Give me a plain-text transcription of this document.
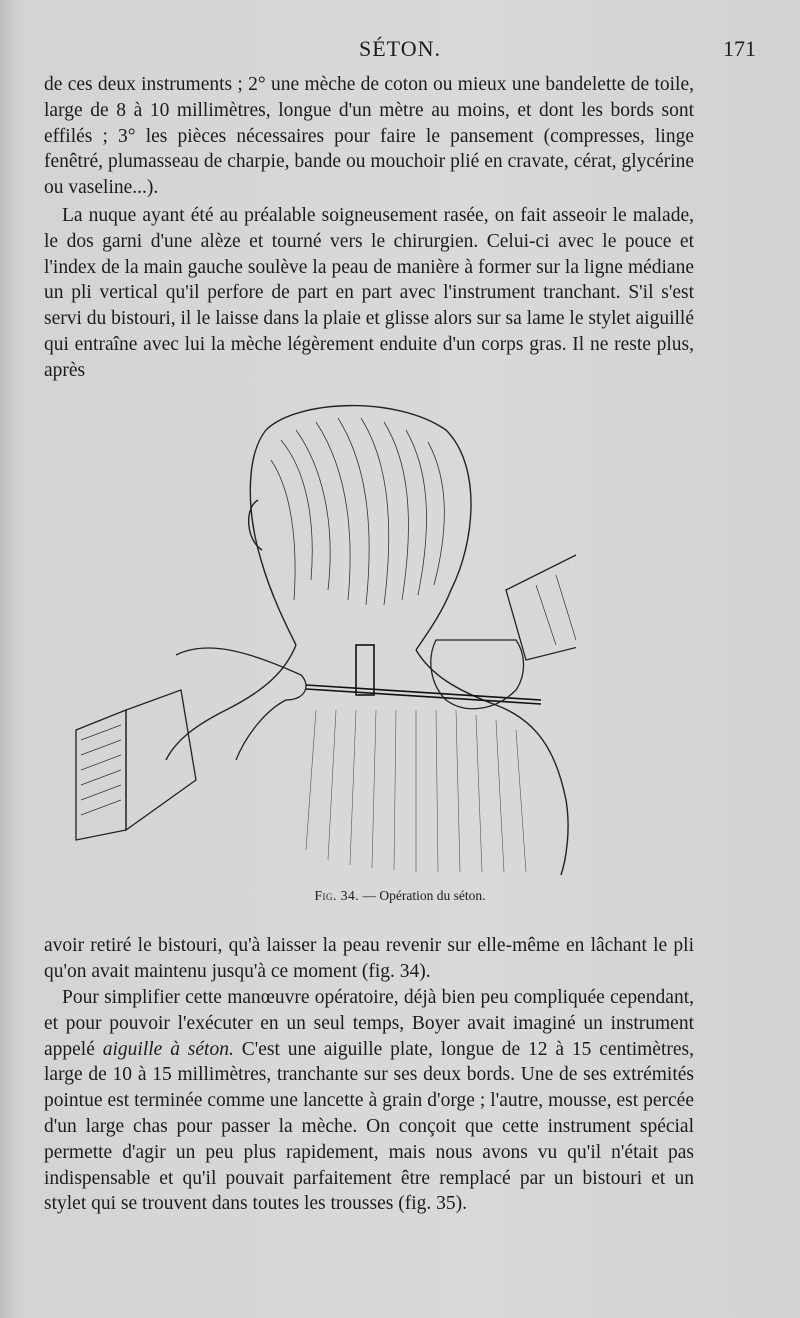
SÉTON.	171

de ces deux instruments ; 2° une mèche de coton ou mieux une bandelette de toile, large de 8 à 10 millimètres, longue d'un mètre au moins, et dont les bords sont effilés ; 3° les pièces nécessaires pour faire le pansement (compresses, linge fenêtré, plumasseau de charpie, bande ou mouchoir plié en cravate, cérat, glycérine ou vaseline...).

La nuque ayant été au préalable soigneusement rasée, on fait asseoir le malade, le dos garni d'une alèze et tourné vers le chirurgien. Celui-ci avec le pouce et l'index de la main gauche soulève la peau de manière à former sur la ligne médiane un pli vertical qu'il perfore de part en part avec l'instrument tranchant. S'il s'est servi du bistouri, il le laisse dans la plaie et glisse alors sur sa lame le stylet aiguillé qui entraîne avec lui la mèche légèrement enduite d'un corps gras. Il ne reste plus, après

Fig. 34. — Opération du séton.

avoir retiré le bistouri, qu'à laisser la peau revenir sur elle-même en lâchant le pli qu'on avait maintenu jusqu'à ce moment (fig. 34).

Pour simplifier cette manœuvre opératoire, déjà bien peu compliquée cependant, et pour pouvoir l'exécuter en un seul temps, Boyer avait imaginé un instrument appelé aiguille à séton. C'est une aiguille plate, longue de 12 à 15 centimètres, large de 10 à 15 millimètres, tranchante sur ses deux bords. Une de ses extrémités pointue est terminée comme une lancette à grain d'orge ; l'autre, mousse, est percée d'un large chas pour passer la mèche. On conçoit que cette instrument spécial permette d'agir un peu plus rapidement, mais nous avons vu qu'il n'était pas indispensable et qu'il pouvait parfaitement être remplacé par un bistouri et un stylet qui se trouvent dans toutes les trousses (fig. 35).
